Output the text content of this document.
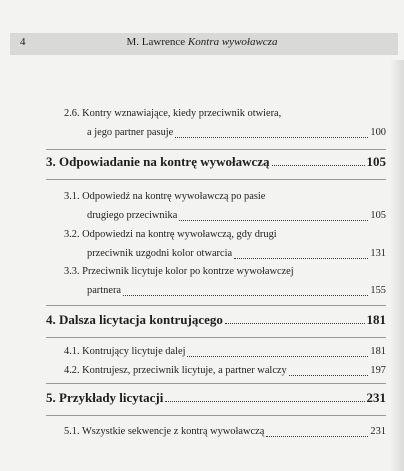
4	M. Lawrence Kontra wywoławcza
2.6. Kontry wznawiające, kiedy przeciwnik otwiera,
a jego partner pasuje	100
3. Odpowiadanie na kontrę wywoławczą	105
3.1. Odpowiedź na kontrę wywoławczą po pasie
drugiego przeciwnika	105
3.2. Odpowiedzi na kontrę wywoławczą, gdy drugi
przeciwnik uzgodni kolor otwarcia	131
3.3. Przeciwnik licytuje kolor po kontrze wywoławczej
partnera	155
4. Dalsza licytacja kontrującego	181
4.1. Kontrujący licytuje dalej	181
4.2. Kontrujesz, przeciwnik licytuje, a partner walczy	197
5. Przykłady licytacji	231
5.1. Wszystkie sekwencje z kontrą wywoławczą	231
